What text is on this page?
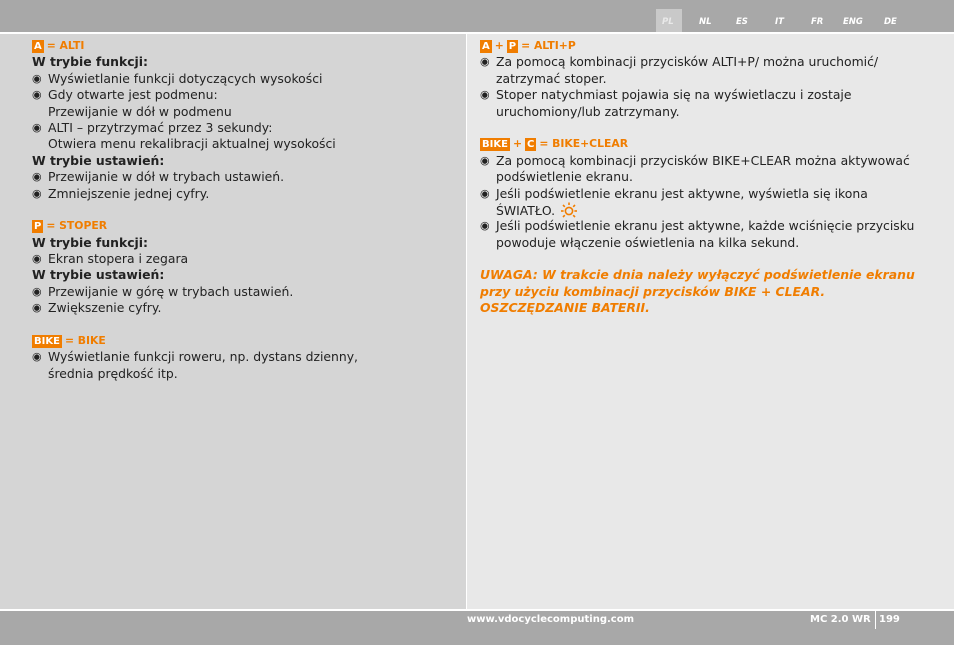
PL	NL	ES	IT	FR ENG DE
A = ALTI
W trybie funkcji:
◉ Wyświetlanie funkcji dotyczących wysokości
◉ Gdy otwarte jest podmenu:
Przewijanie w dół w podmenu
◉ ALTI – przytrzymać przez 3 sekundy:
Otwiera menu rekalibracji aktualnej wysokości
W trybie ustawień:
◉ Przewijanie w dół w trybach ustawień.
◉ Zmniejszenie jednej cyfry.
P = STOPER
W trybie funkcji:
◉ Ekran stopera i zegara
W trybie ustawień:
◉ Przewijanie w górę w trybach ustawień.
◉ Zwiększenie cyfry.
BIKE = BIKE
◉ Wyświetlanie funkcji roweru, np. dystans dzienny,
średnia prędkość itp.
A + P = ALTI+P
◉ Za pomocą kombinacji przycisków ALTI+P/ można uruchomić/
zatrzymać stoper.
◉ Stoper natychmiast pojawia się na wyświetlaczu i zostaje
uruchomiony/lub zatrzymany.
BIKE + C = BIKE+CLEAR
◉ Za pomocą kombinacji przycisków BIKE+CLEAR można aktywować
podświetlenie ekranu.
◉ Jeśli podświetlenie ekranu jest aktywne, wyświetla się ikona
ŚWIATŁO.
◉ Jeśli podświetlenie ekranu jest aktywne, każde wciśnięcie przycisku
powoduje włączenie oświetlenia na kilka sekund.
UWAGA: W trakcie dnia należy wyłączyć podświetlenie ekranu
przy użyciu kombinacji przycisków BIKE + CLEAR.
OSZCZĘDZANIE BATERII.
www.vdocyclecomputing.com	MC 2.0 WR 199
